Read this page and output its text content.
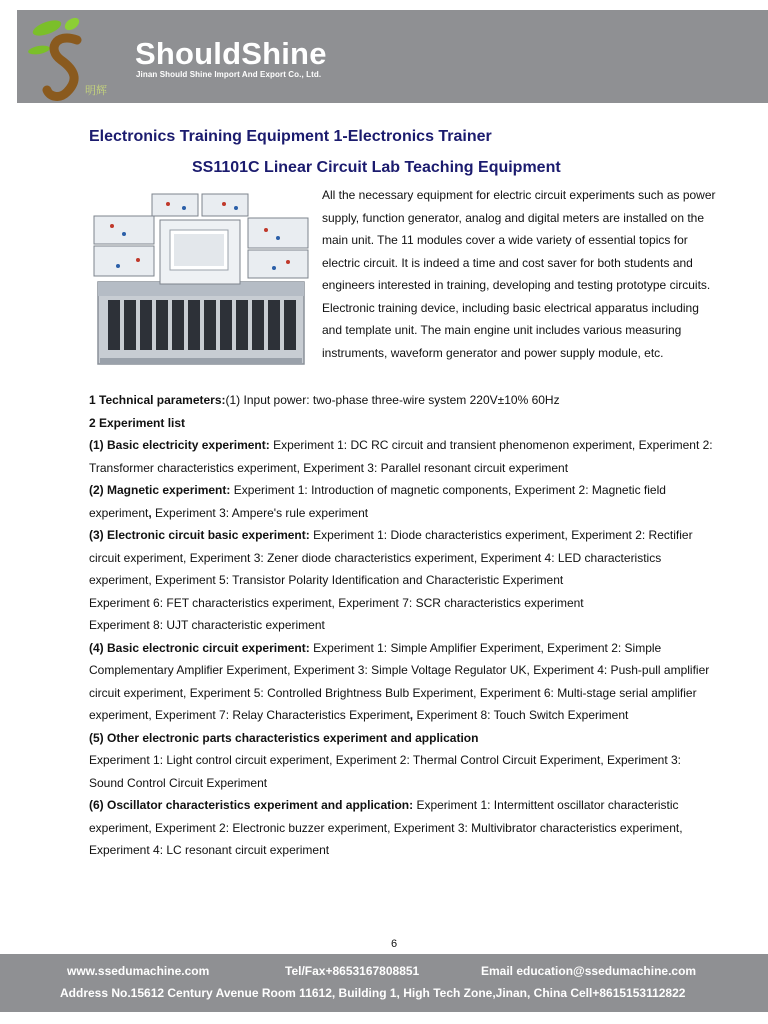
明辉
ShouldShine
Jinan Should Shine Import And Export Co., Ltd.
Electronics Training Equipment 1-Electronics Trainer
SS1101C Linear Circuit Lab Teaching Equipment
All the necessary equipment for electric circuit experiments such as power supply, function generator, analog and digital meters are installed on the main unit. The 11 modules cover a wide variety of essential topics for electric circuit. It is indeed a time and cost saver for both students and engineers interested in training, developing and testing prototype circuits. Electronic training device, including basic electrical apparatus including and template unit. The main engine unit includes various measuring instruments, waveform generator and power supply module, etc.

1 Technical parameters:(1) Input power: two-phase three-wire system 220V±10% 60Hz

2 Experiment list

(1) Basic electricity experiment: Experiment 1: DC RC circuit and transient phenomenon experiment, Experiment 2: Transformer characteristics experiment, Experiment 3: Parallel resonant circuit experiment

(2) Magnetic experiment: Experiment 1: Introduction of magnetic components, Experiment 2: Magnetic field experiment, Experiment 3: Ampere's rule experiment

(3) Electronic circuit basic experiment: Experiment 1: Diode characteristics experiment, Experiment 2: Rectifier circuit experiment, Experiment 3: Zener diode characteristics experiment, Experiment 4: LED characteristics experiment, Experiment 5: Transistor Polarity Identification and Characteristic Experiment

Experiment 6: FET characteristics experiment, Experiment 7: SCR characteristics experiment

Experiment 8: UJT characteristic experiment

(4) Basic electronic circuit experiment: Experiment 1: Simple Amplifier Experiment, Experiment 2: Simple Complementary Amplifier Experiment, Experiment 3: Simple Voltage Regulator UK, Experiment 4: Push-pull amplifier circuit experiment, Experiment 5: Controlled Brightness Bulb Experiment, Experiment 6: Multi-stage serial amplifier experiment, Experiment 7: Relay Characteristics Experiment, Experiment 8: Touch Switch Experiment

(5) Other electronic parts characteristics experiment and application

Experiment 1: Light control circuit experiment, Experiment 2: Thermal Control Circuit Experiment, Experiment 3: Sound Control Circuit Experiment

(6) Oscillator characteristics experiment and application: Experiment 1: Intermittent oscillator characteristic experiment, Experiment 2: Electronic buzzer experiment, Experiment 3: Multivibrator characteristics experiment, Experiment 4: LC resonant circuit experiment

6
www.ssedumachine.com	Tel/Fax+8653167808851	Email education@ssedumachine.com
Address No.15612 Century Avenue Room 11612, Building 1, High Tech Zone,Jinan, China Cell+8615153112822
